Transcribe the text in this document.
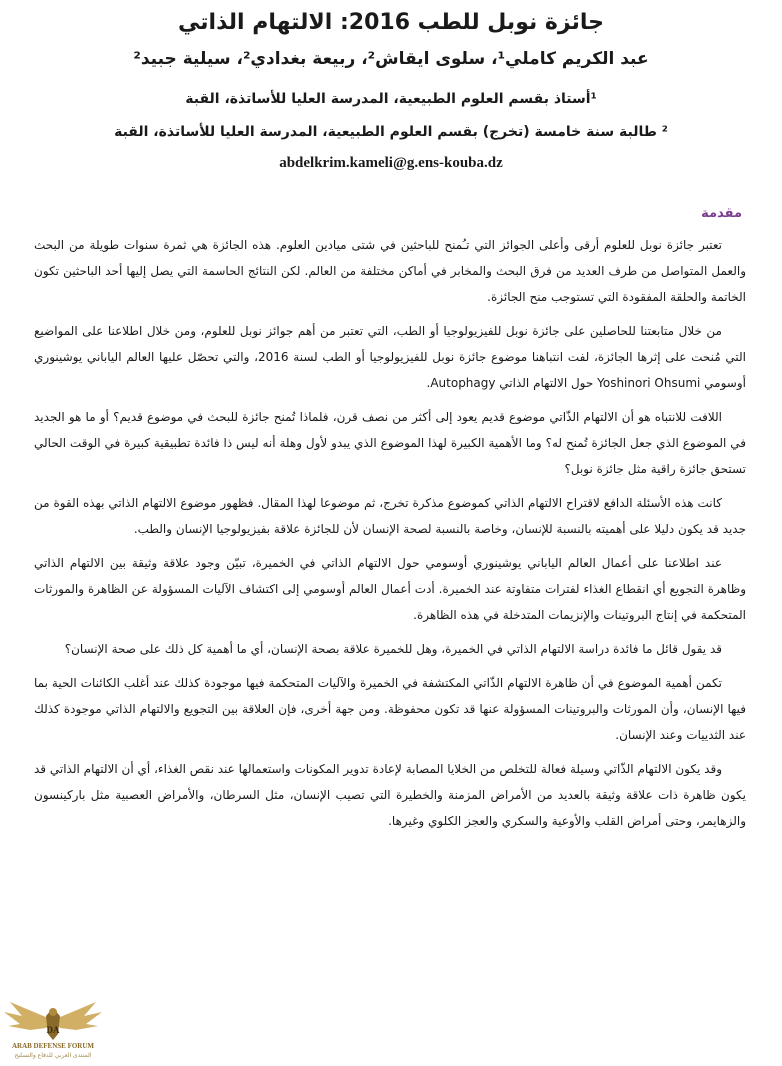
جائزة نوبل للطب 2016: الالتهام الذاتي
عبد الكريم كاملي¹، سلوى ايقاش²، ربيعة بغدادي²، سيلية جبيد²
¹أستاذ بقسم العلوم الطبيعية، المدرسة العليا للأساتذة، القبة
² طالبة سنة خامسة (تخرج) بقسم العلوم الطبيعية، المدرسة العليا للأساتذة، القبة
abdelkrim.kameli@g.ens-kouba.dz
مقدمة

تعتبر جائزة نوبل للعلوم أرقى وأعلى الجوائز التي تـُمنح للباحثين في شتى ميادين العلوم. هذه الجائزة هي ثمرة سنوات طويلة من البحث والعمل المتواصل من طرف العديد من فرق البحث والمخابر في أماكن مختلفة من العالم. لكن النتائج الحاسمة التي يصل إليها أحد الباحثين تكون الخاتمة والحلقة المفقودة التي تستوجب منح الجائزة.

من خلال متابعتنا للحاصلين على جائزة نوبل للفيزيولوجيا أو الطب، التي تعتبر من أهم جوائز نوبل للعلوم، ومن خلال اطلاعنا على المواضيع التي مُنحت على إثرها الجائزة، لفت انتباهنا موضوع جائزة نوبل للفيزيولوجيا أو الطب لسنة 2016، والتي تحصّل عليها العالم الياباني يوشينوري أوسومي Yoshinori Ohsumi حول الالتهام الذاتي Autophagy.

اللافت للانتباه هو أن الالتهام الذّاتي موضوع قديم يعود إلى أكثر من نصف قرن، فلماذا تُمنح جائزة للبحث في موضوع قديم؟ أو ما هو الجديد في الموضوع الذي جعل الجائزة تُمنح له؟ وما الأهمية الكبيرة لهذا الموضوع الذي يبدو لأول وهلة أنه ليس ذا فائدة تطبيقية كبيرة في الوقت الحالي تستحق جائزة راقية مثل جائزة نوبل؟

كانت هذه الأسئلة الدافع لاقتراح الالتهام الذاتي كموضوع مذكرة تخرج، ثم موضوعا لهذا المقال. فظهور موضوع الالتهام الذاتي بهذه القوة من جديد قد يكون دليلا على أهميته بالنسبة للإنسان، وخاصة بالنسبة لصحة الإنسان لأن للجائزة علاقة بفيزيولوجيا الإنسان والطب.

عند اطلاعنا على أعمال العالم الياباني يوشينوري أوسومي حول الالتهام الذاتي في الخميرة، تبيّن وجود علاقة وثيقة بين الالتهام الذاتي وظاهرة التجويع أي انقطاع الغذاء لفترات متفاوتة عند الخميرة. أدت أعمال العالم أوسومي إلى اكتشاف الآليات المسؤولة عن الظاهرة والمورثات المتحكمة في إنتاج البروتينات والإنزيمات المتدخلة في هذه الظاهرة.

قد يقول قائل ما فائدة دراسة الالتهام الذاتي في الخميرة، وهل للخميرة علاقة بصحة الإنسان، أي ما أهمية كل ذلك على صحة الإنسان؟

تكمن أهمية الموضوع في أن ظاهرة الالتهام الذّاتي المكتشفة في الخميرة والآليات المتحكمة فيها موجودة كذلك عند أغلب الكائنات الحية بما فيها الإنسان، وأن المورثات والبروتينات المسؤولة عنها قد تكون محفوظة. ومن جهة أخرى، فإن العلاقة بين التجويع والالتهام الذاتي موجودة كذلك عند الثدييات وعند الإنسان.

وقد يكون الالتهام الذّاتي وسيلة فعالة للتخلص من الخلايا المصابة لإعادة تدوير المكونات واستعمالها عند نقص الغذاء، أي أن الالتهام الذاتي قد يكون ظاهرة ذات علاقة وثيقة بالعديد من الأمراض المزمنة والخطيرة التي تصيب الإنسان، مثل السرطان، والأمراض العصبية مثل باركينسون والزهايمر، وحتى أمراض القلب والأوعية والسكري والعجز الكلوي وغيرها.

DA
ARAB DEFENSE FORUM
المنتدى العربي للدفاع والتسليح
